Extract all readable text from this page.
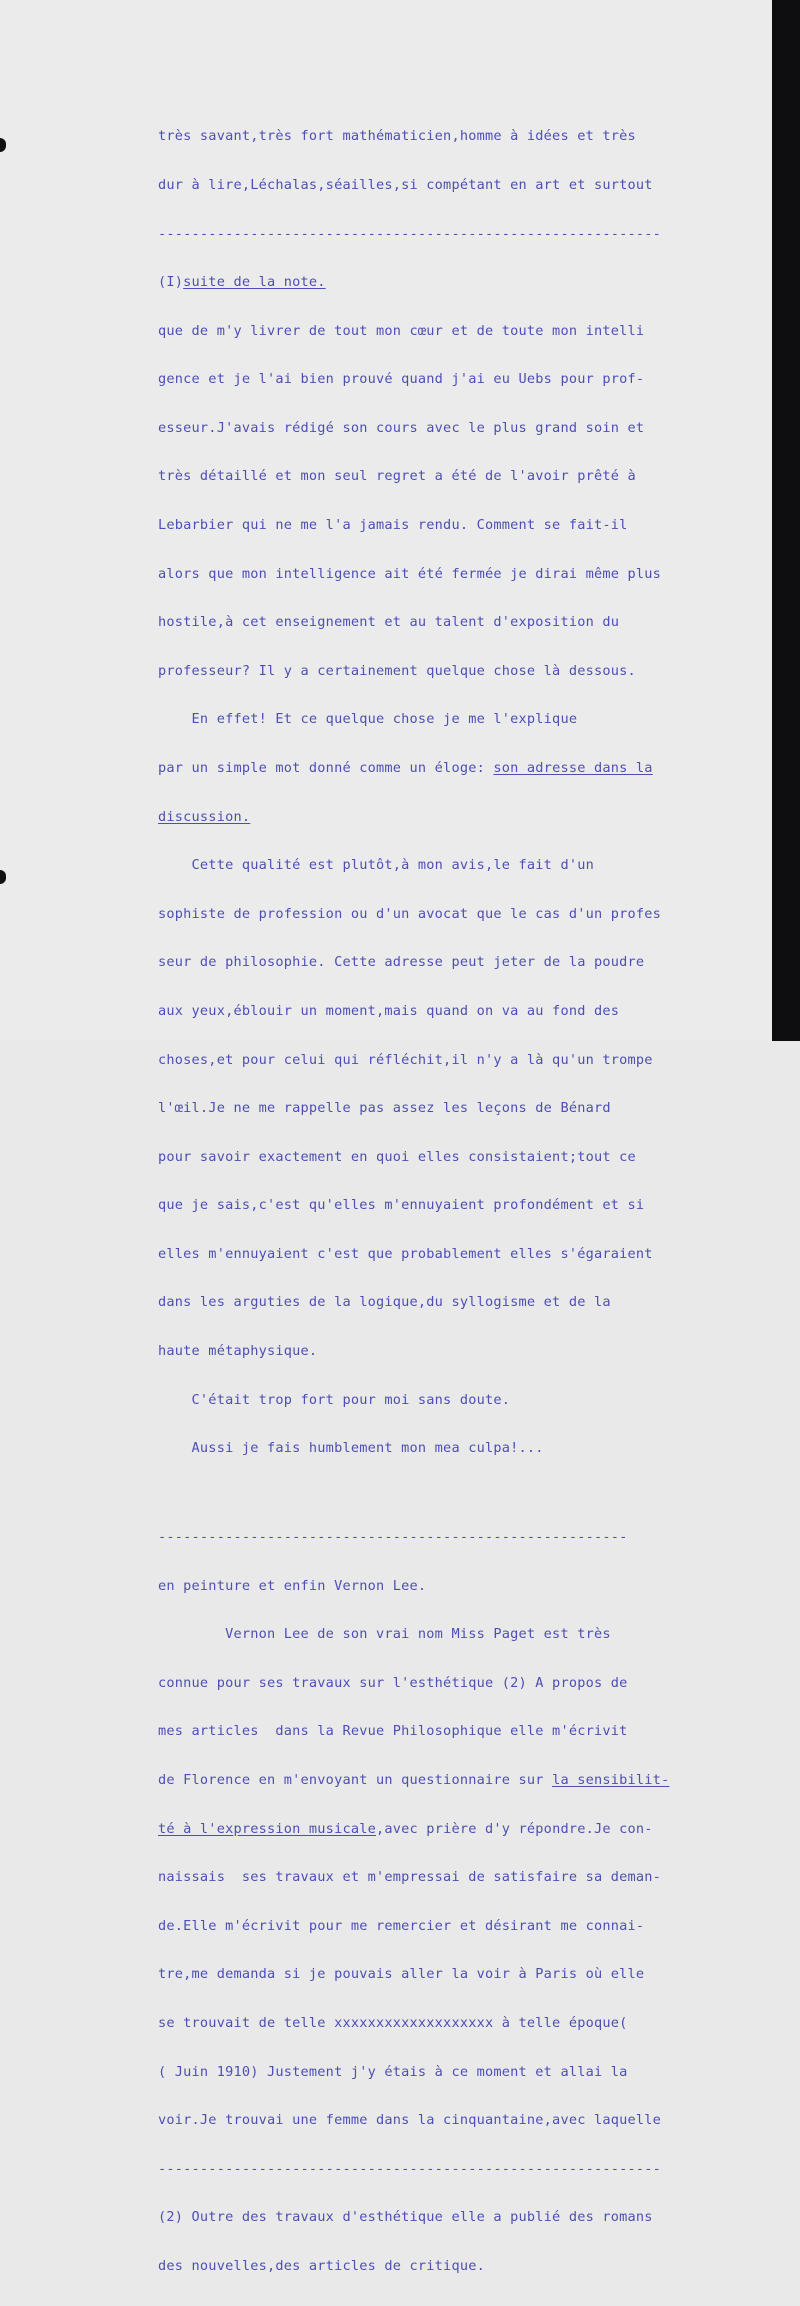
très savant,très fort mathématicien,homme à idées et très

dur à lire,Léchalas,séailles,si compétant en art et surtout

------------------------------------------------------------

(I)suite de la note.

que de m'y livrer de tout mon cœur et de toute mon intelli

gence et je l'ai bien prouvé quand j'ai eu Uebs pour prof-

esseur.J'avais rédigé son cours avec le plus grand soin et

très détaillé et mon seul regret a été de l'avoir prêté à

Lebarbier qui ne me l'a jamais rendu. Comment se fait-il

alors que mon intelligence ait été fermée je dirai même plus

hostile,à cet enseignement et au talent d'exposition du

professeur? Il y a certainement quelque chose là dessous.

En effet! Et ce quelque chose je me l'explique

par un simple mot donné comme un éloge: son adresse dans la

discussion.

Cette qualité est plutôt,à mon avis,le fait d'un

sophiste de profession ou d'un avocat que le cas d'un profes

seur de philosophie. Cette adresse peut jeter de la poudre

aux yeux,éblouir un moment,mais quand on va au fond des

choses,et pour celui qui réfléchit,il n'y a là qu'un trompe

l'œil.Je ne me rappelle pas assez les leçons de Bénard

pour savoir exactement en quoi elles consistaient;tout ce

que je sais,c'est qu'elles m'ennuyaient profondément et si

elles m'ennuyaient c'est que probablement elles s'égaraient

dans les arguties de la logique,du syllogisme et de la

haute métaphysique.

C'était trop fort pour moi sans doute.

Aussi je fais humblement mon mea culpa!...

--------------------------------------------------------

en peinture et enfin Vernon Lee.

Vernon Lee de son vrai nom Miss Paget est très

connue pour ses travaux sur l'esthétique (2) A propos de

mes articles  dans la Revue Philosophique elle m'écrivit

de Florence en m'envoyant un questionnaire sur la sensibilit-

té à l'expression musicale,avec prière d'y répondre.Je con-

naissais  ses travaux et m'empressai de satisfaire sa deman-

de.Elle m'écrivit pour me remercier et désirant me connai-

tre,me demanda si je pouvais aller la voir à Paris où elle

se trouvait de telle xxxxxxxxxxxxxxxxxxx à telle époque(

( Juin 1910) Justement j'y étais à ce moment et allai la

voir.Je trouvai une femme dans la cinquantaine,avec laquelle

------------------------------------------------------------

(2) Outre des travaux d'esthétique elle a publié des romans

des nouvelles,des articles de critique.
